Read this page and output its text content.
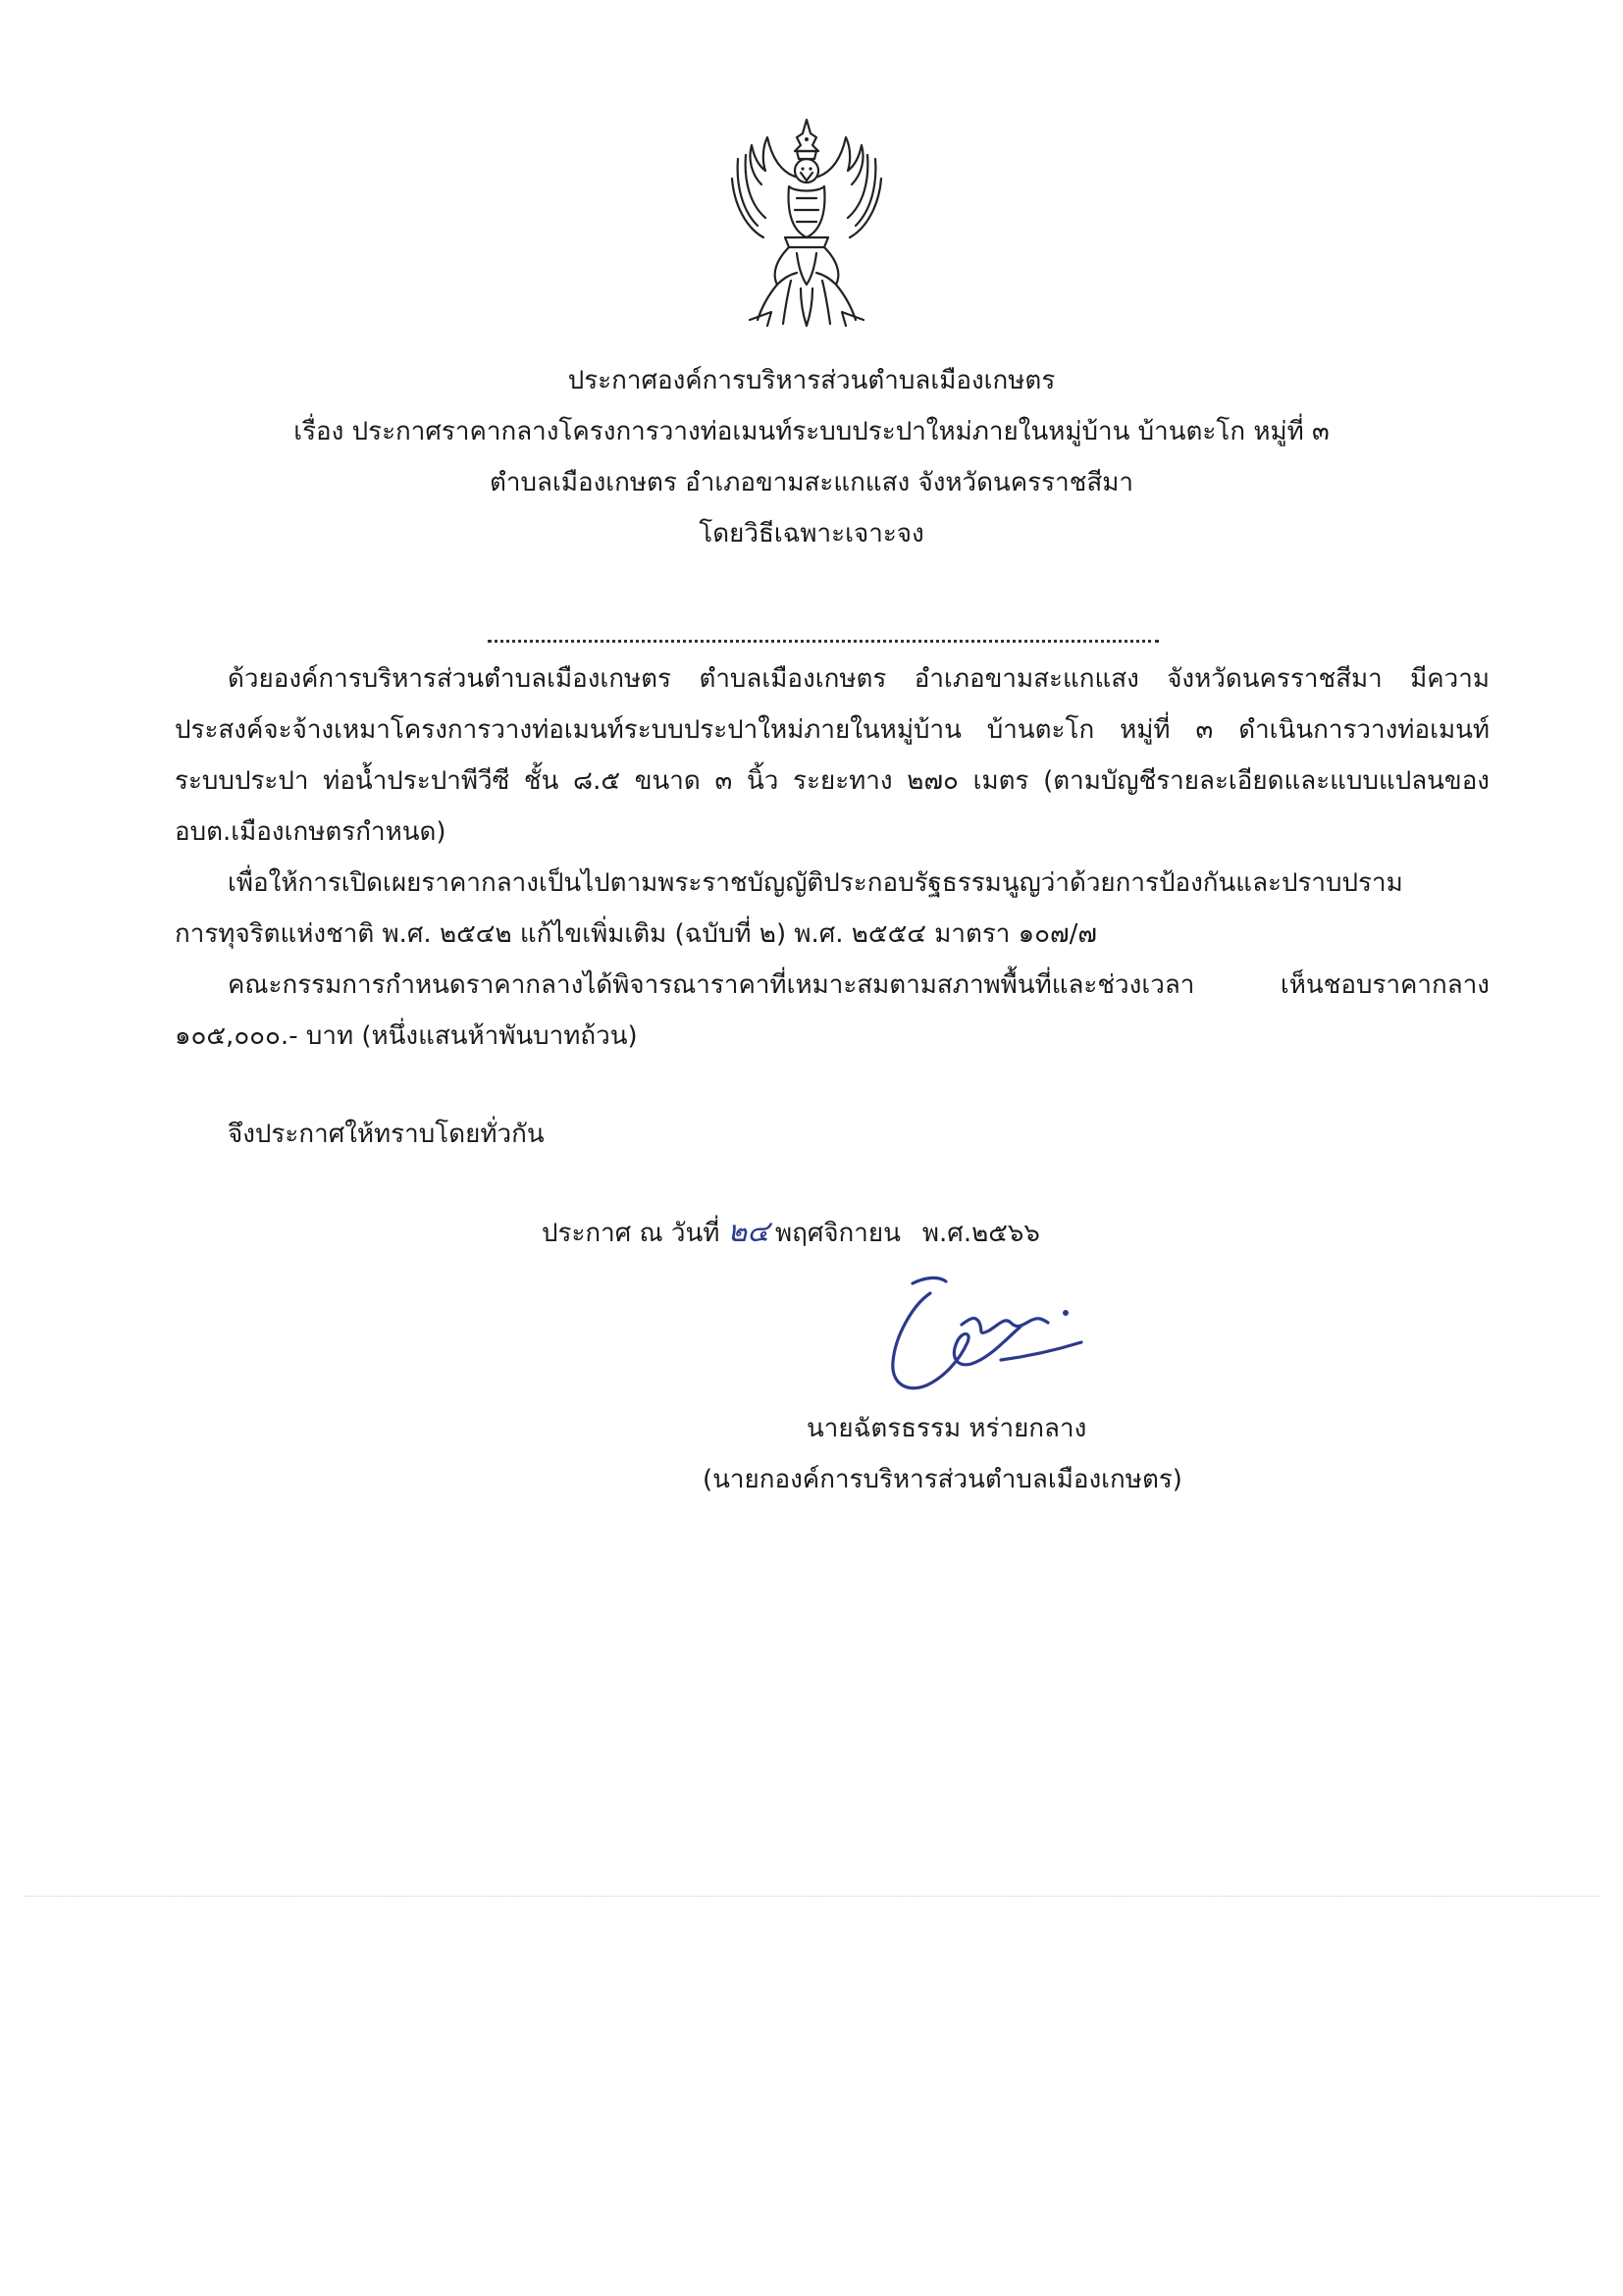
ประกาศองค์การบริหารส่วนตำบลเมืองเกษตร
เรื่อง ประกาศราคากลางโครงการวางท่อเมนท์ระบบประปาใหม่ภายในหมู่บ้าน บ้านตะโก หมู่ที่ ๓
ตำบลเมืองเกษตร อำเภอขามสะแกแสง จังหวัดนครราชสีมา
โดยวิธีเฉพาะเจาะจง
ด้วยองค์การบริหารส่วนตำบลเมืองเกษตร ตำบลเมืองเกษตร อำเภอขามสะแกแสง จังหวัดนครราชสีมา มีความ
ประสงค์จะจ้างเหมาโครงการวางท่อเมนท์ระบบประปาใหม่ภายในหมู่บ้าน บ้านตะโก หมู่ที่ ๓ ดำเนินการวางท่อเมนท์
ระบบประปา ท่อน้ำประปาพีวีซี ชั้น ๘.๕ ขนาด ๓ นิ้ว ระยะทาง ๒๗๐ เมตร (ตามบัญชีรายละเอียดและแบบแปลนของ
อบต.เมืองเกษตรกำหนด)
เพื่อให้การเปิดเผยราคากลางเป็นไปตามพระราชบัญญัติประกอบรัฐธรรมนูญว่าด้วยการป้องกันและปราบปราม
การทุจริตแห่งชาติ พ.ศ. ๒๕๔๒ แก้ไขเพิ่มเติม (ฉบับที่ ๒) พ.ศ. ๒๕๕๔ มาตรา ๑๐๗/๗
คณะกรรมการกำหนดราคากลางได้พิจารณาราคาที่เหมาะสมตามสภาพพื้นที่และช่วงเวลา เห็นชอบราคากลาง
๑๐๕,๐๐๐.- บาท (หนึ่งแสนห้าพันบาทถ้วน)
จึงประกาศให้ทราบโดยทั่วกัน
ประกาศ ณ วันที่ ๒๔ พฤศจิกายน พ.ศ.๒๕๖๖
นายฉัตรธรรม หร่ายกลาง
(นายกองค์การบริหารส่วนตำบลเมืองเกษตร)
